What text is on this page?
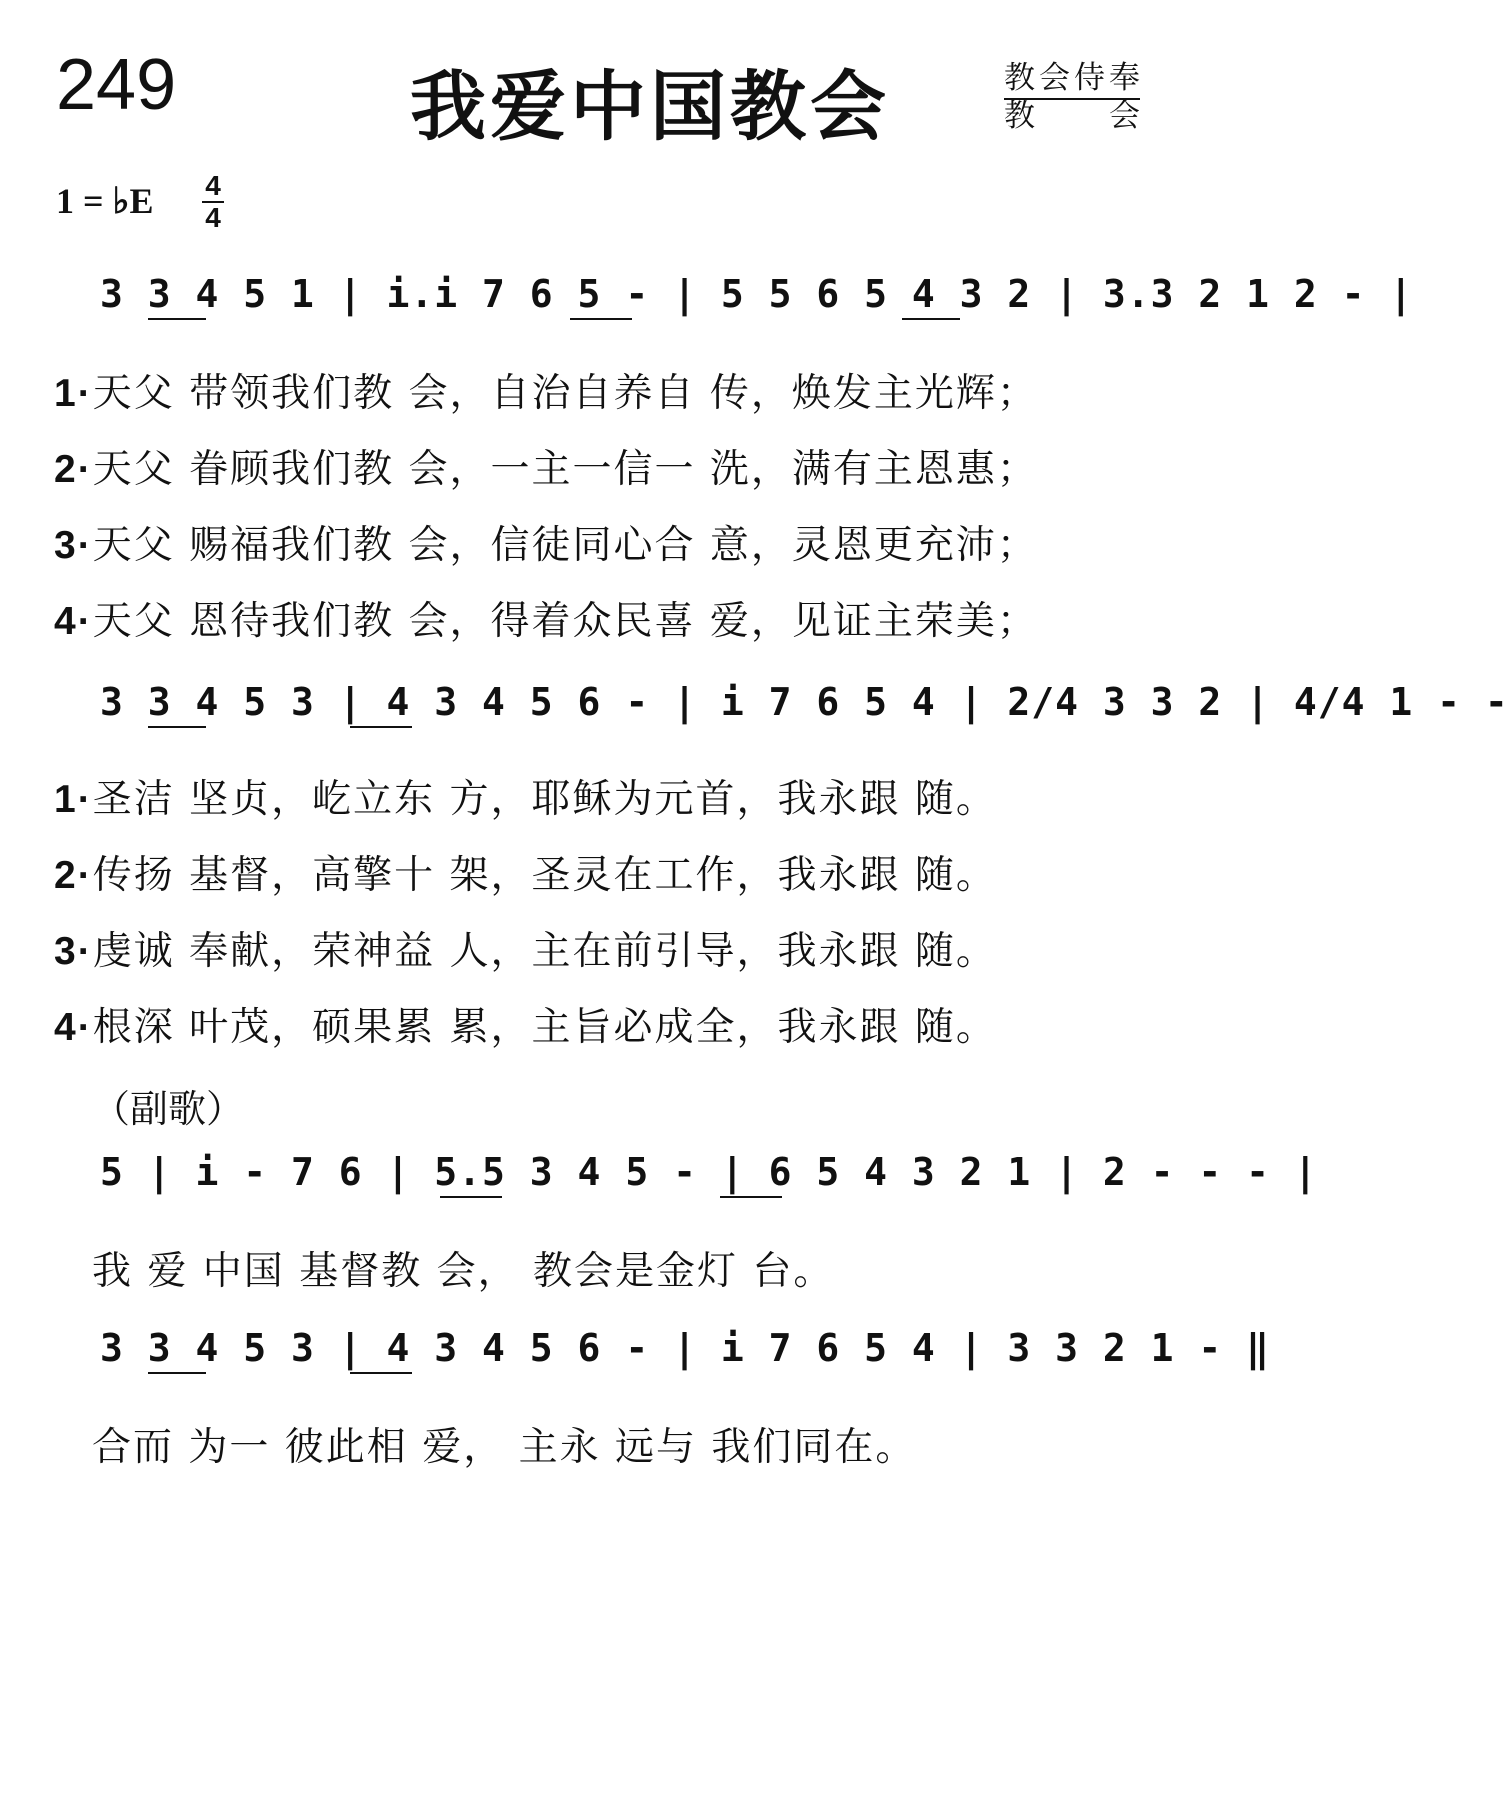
249	我爱中国教会	教会侍奉
教　　会
1 = ♭E 4
4
3 3 4 5 1 | i.i 7 6 5 - | 5 5 6 5 4 3 2 | 3.3 2 1 2 - |
1·天父 带领我们教 会，自治自养自 传，焕发主光辉；
2·天父 眷顾我们教 会，一主一信一 洗，满有主恩惠；
3·天父 赐福我们教 会，信徒同心合 意，灵恩更充沛；
4·天父 恩待我们教 会，得着众民喜 爱，见证主荣美；
3 3 4 5 3 | 4 3 4 5 6 - | i 7 6 5 4 | 2/4 3 3 2 | 4/4 1 - -
1·圣洁 坚贞，屹立东 方，耶稣为元首，我永跟 随。
2·传扬 基督，高擎十 架，圣灵在工作，我永跟 随。
3·虔诚 奉献，荣神益 人，主在前引导，我永跟 随。
4·根深 叶茂，硕果累 累，主旨必成全，我永跟 随。
（副歌）
5 | i - 7 6 | 5.5 3 4 5 - | 6 5 4 3 2 1 | 2 - - - |
我 爱 中国 基督教 会， 教会是金灯 台。
3 3 4 5 3 | 4 3 4 5 6 - | i 7 6 5 4 | 3 3 2 1 - ‖
合而 为一 彼此相 爱， 主永 远与 我们同在。
